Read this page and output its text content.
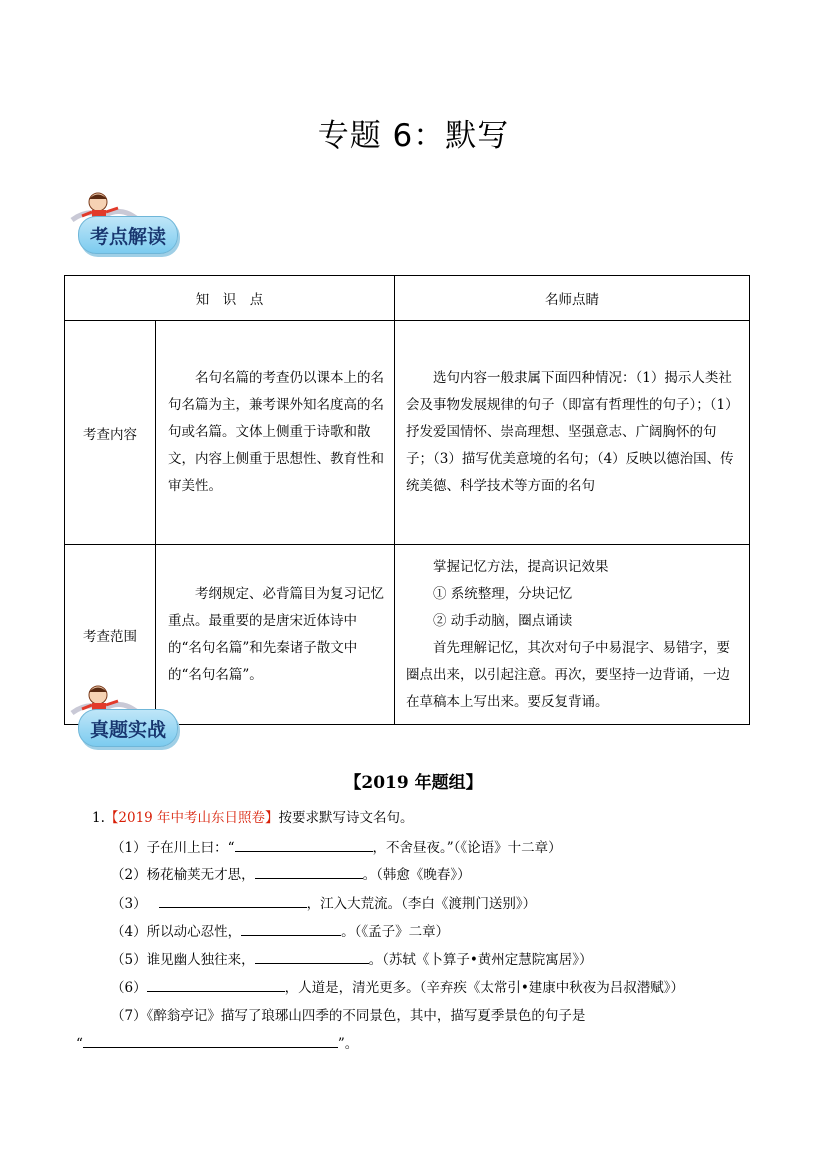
专题 6：默写
考点解读
知　识　点		名师点睛
考查内容	名句名篇的考查仍以课本上的名句名篇为主，兼考课外知名度高的名句或名篇。文体上侧重于诗歌和散文，内容上侧重于思想性、教育性和审美性。	选句内容一般隶属下面四种情况：（1）揭示人类社会及事物发展规律的句子（即富有哲理性的句子）；（1）抒发爱国情怀、崇高理想、坚强意志、广阔胸怀的句子；（3）描写优美意境的名句；（4）反映以德治国、传统美德、科学技术等方面的名句

考查范围	考纲规定、必背篇目为复习记忆重点。最重要的是唐宋近体诗中的“名句名篇”和先秦诸子散文中的“名句名篇”。	掌握记忆方法，提高识记效果
① 系统整理，分块记忆
② 动手动脑，圈点诵读
首先理解记忆，其次对句子中易混字、易错字，要圈点出来，以引起注意。再次，要坚持一边背诵，一边在草稿本上写出来。要反复背诵。
真题实战
【2019 年题组】
1.【2019 年中考山东日照卷】按要求默写诗文名句。
（1）子在川上曰：“	，不舍昼夜。”（《论语》十二章）
（2）杨花榆荚无才思，	。（韩愈《晚春》）
（3）	，江入大荒流。（李白《渡荆门送别》）
（4）所以动心忍性，	。（《孟子》二章）
（5）谁见幽人独往来，	。（苏轼《卜算子•黄州定慧院寓居》）
（6）	，人道是，清光更多。（辛弃疾《太常引•建康中秋夜为吕叔潜赋》）
（7）《醉翁亭记》描写了琅琊山四季的不同景色，其中，描写夏季景色的句子是
“	”。
